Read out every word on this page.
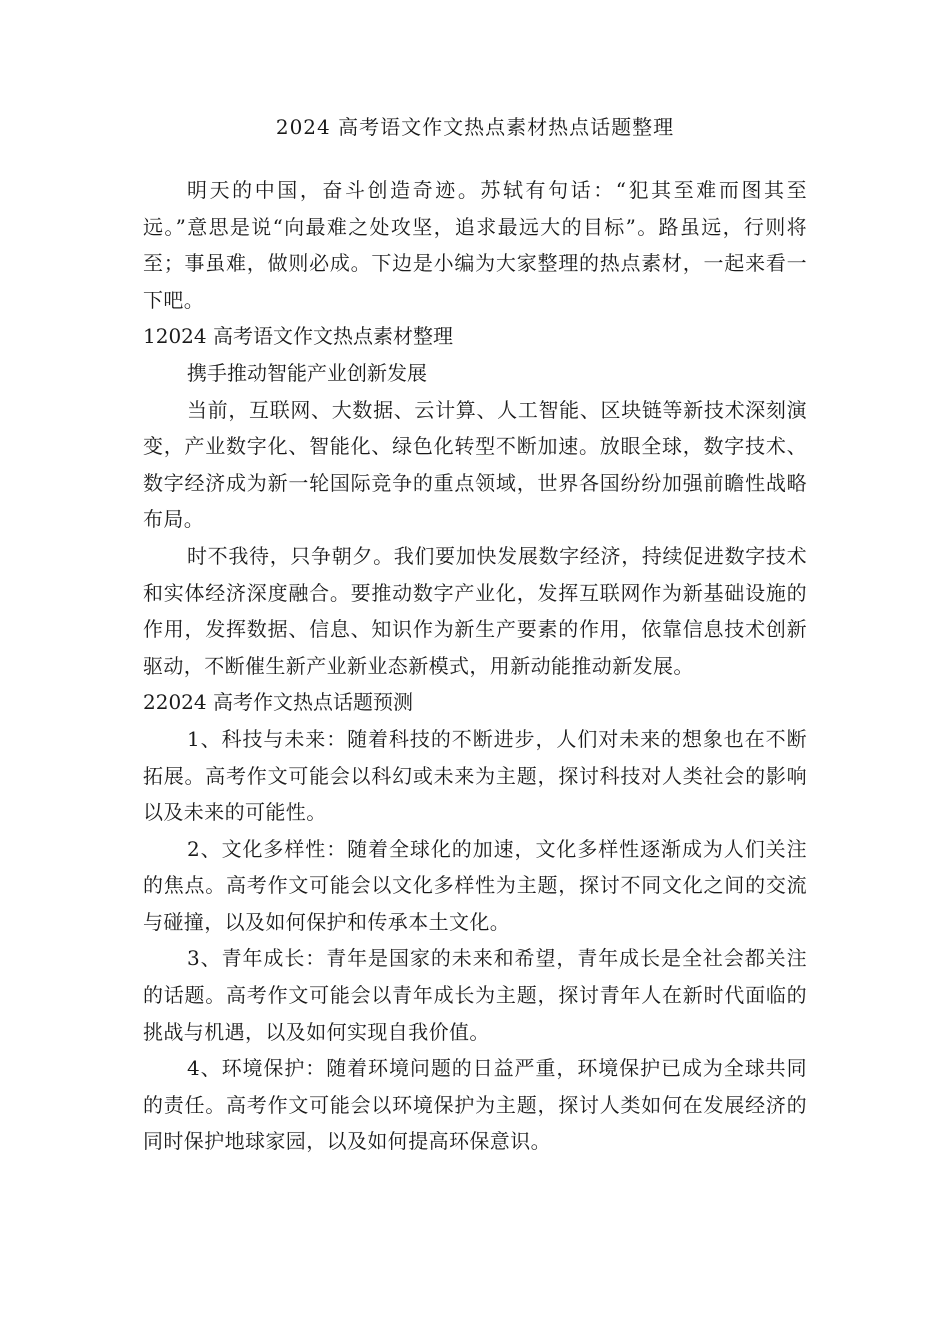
2024 高考语文作文热点素材热点话题整理

明天的中国，奋斗创造奇迹。苏轼有句话：“犯其至难而图其至远。”意思是说“向最难之处攻坚，追求最远大的目标”。路虽远，行则将至；事虽难，做则必成。下边是小编为大家整理的热点素材，一起来看一下吧。

12024 高考语文作文热点素材整理

携手推动智能产业创新发展

当前，互联网、大数据、云计算、人工智能、区块链等新技术深刻演变，产业数字化、智能化、绿色化转型不断加速。放眼全球，数字技术、数字经济成为新一轮国际竞争的重点领域，世界各国纷纷加强前瞻性战略布局。

时不我待，只争朝夕。我们要加快发展数字经济，持续促进数字技术和实体经济深度融合。要推动数字产业化，发挥互联网作为新基础设施的作用，发挥数据、信息、知识作为新生产要素的作用，依靠信息技术创新驱动，不断催生新产业新业态新模式，用新动能推动新发展。

22024 高考作文热点话题预测

1、科技与未来：随着科技的不断进步，人们对未来的想象也在不断拓展。高考作文可能会以科幻或未来为主题，探讨科技对人类社会的影响以及未来的可能性。

2、文化多样性：随着全球化的加速，文化多样性逐渐成为人们关注的焦点。高考作文可能会以文化多样性为主题，探讨不同文化之间的交流与碰撞，以及如何保护和传承本土文化。

3、青年成长：青年是国家的未来和希望，青年成长是全社会都关注的话题。高考作文可能会以青年成长为主题，探讨青年人在新时代面临的挑战与机遇，以及如何实现自我价值。

4、环境保护：随着环境问题的日益严重，环境保护已成为全球共同的责任。高考作文可能会以环境保护为主题，探讨人类如何在发展经济的同时保护地球家园，以及如何提高环保意识。
